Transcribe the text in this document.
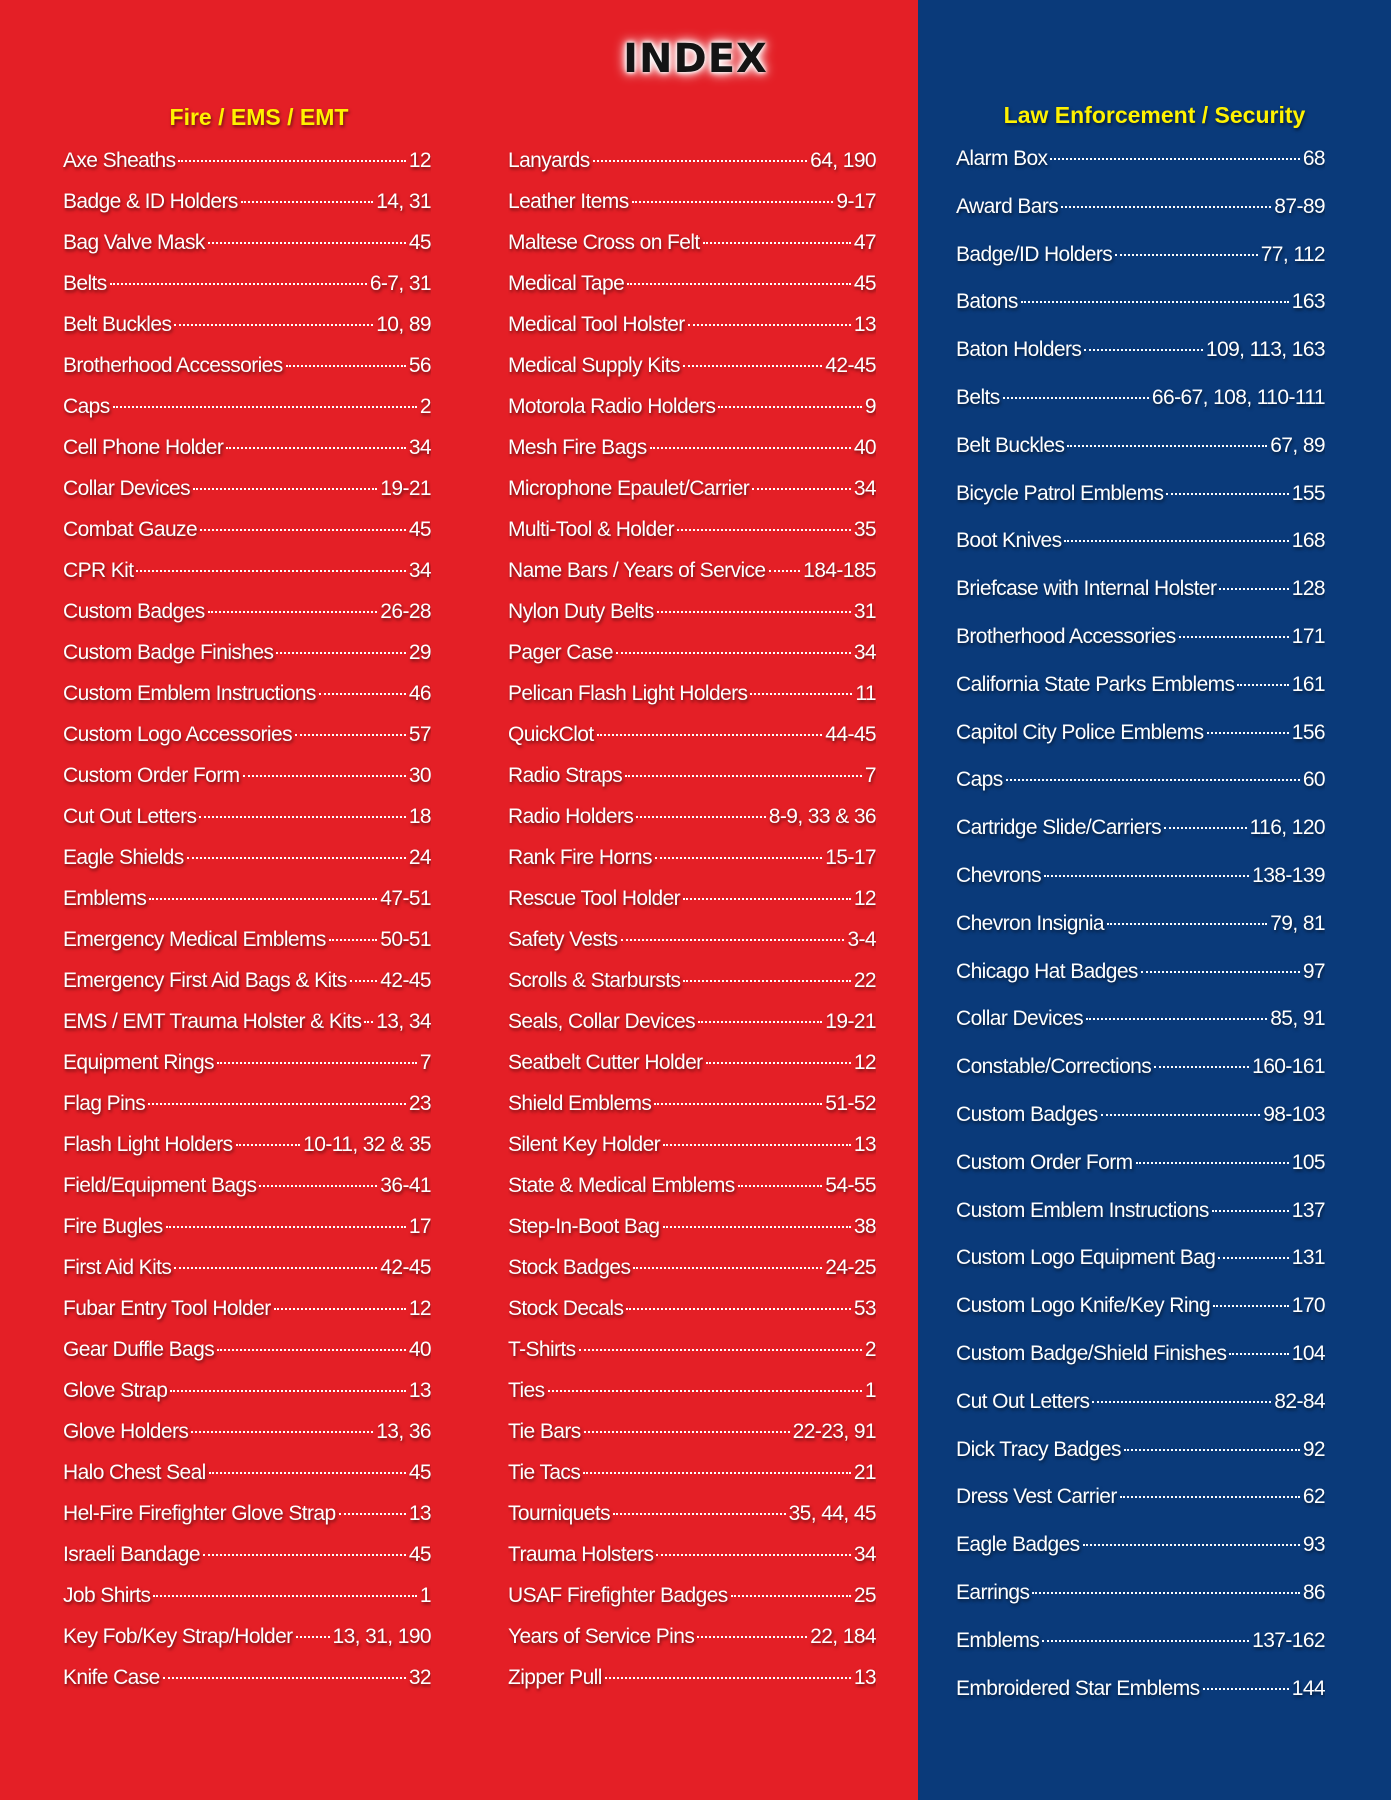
INDEX
Fire / EMS / EMT	Law Enforcement / Security
Axe Sheaths	12
Badge & ID Holders	14, 31
Bag Valve Mask	45
Belts	6-7, 31
Belt Buckles	10, 89
Brotherhood Accessories	56
Caps	2
Cell Phone Holder	34
Collar Devices	19-21
Combat Gauze	45
CPR Kit	34
Custom Badges	26-28
Custom Badge Finishes	29
Custom Emblem Instructions	46
Custom Logo Accessories	57
Custom Order Form	30
Cut Out Letters	18
Eagle Shields	24
Emblems	47-51
Emergency Medical Emblems	50-51
Emergency First Aid Bags & Kits 42-45
EMS / EMT Trauma Holster & Kits 13, 34
Equipment Rings	7
Flag Pins	23
Flash Light Holders	10-11, 32 & 35
Field/Equipment Bags	36-41
Fire Bugles	17
First Aid Kits	42-45
Fubar Entry Tool Holder	12
Gear Duffle Bags	40
Glove Strap	13
Glove Holders	13, 36
Halo Chest Seal	45
Hel-Fire Firefighter Glove Strap	13
Israeli Bandage	45
Job Shirts	1
Key Fob/Key Strap/Holder 13, 31, 190
Knife Case	32
Lanyards	64, 190
Leather Items	9-17
Maltese Cross on Felt	47
Medical Tape	45
Medical Tool Holster	13
Medical Supply Kits	42-45
Motorola Radio Holders	9
Mesh Fire Bags	40
Microphone Epaulet/Carrier	34
Multi-Tool & Holder	35
Name Bars / Years of Service 184-185
Nylon Duty Belts	31
Pager Case	34
Pelican Flash Light Holders	11
QuickClot	44-45
Radio Straps	7
Radio Holders	8-9, 33 & 36
Rank Fire Horns	15-17
Rescue Tool Holder	12
Safety Vests	3-4
Scrolls & Starbursts	22
Seals, Collar Devices	19-21
Seatbelt Cutter Holder	12
Shield Emblems	51-52
Silent Key Holder	13
State & Medical Emblems	54-55
Step-In-Boot Bag	38
Stock Badges	24-25
Stock Decals	53
T-Shirts	2
Ties	1
Tie Bars	22-23, 91
Tie Tacs	21
Tourniquets	35, 44, 45
Trauma Holsters	34
USAF Firefighter Badges	25
Years of Service Pins	22, 184
Zipper Pull	13
Alarm Box	68
Award Bars	87-89
Badge/ID Holders	77, 112
Batons	163
Baton Holders	109, 113, 163
Belts	66-67, 108, 110-111
Belt Buckles	67, 89
Bicycle Patrol Emblems	155
Boot Knives	168
Briefcase with Internal Holster	128
Brotherhood Accessories	171
California State Parks Emblems	161
Capitol City Police Emblems	156
Caps	60
Cartridge Slide/Carriers	116, 120
Chevrons	138-139
Chevron Insignia	79, 81
Chicago Hat Badges	97
Collar Devices	85, 91
Constable/Corrections	160-161
Custom Badges	98-103
Custom Order Form	105
Custom Emblem Instructions	137
Custom Logo Equipment Bag	131
Custom Logo Knife/Key Ring	170
Custom Badge/Shield Finishes	104
Cut Out Letters	82-84
Dick Tracy Badges	92
Dress Vest Carrier	62
Eagle Badges	93
Earrings	86
Emblems	137-162
Embroidered Star Emblems	144
